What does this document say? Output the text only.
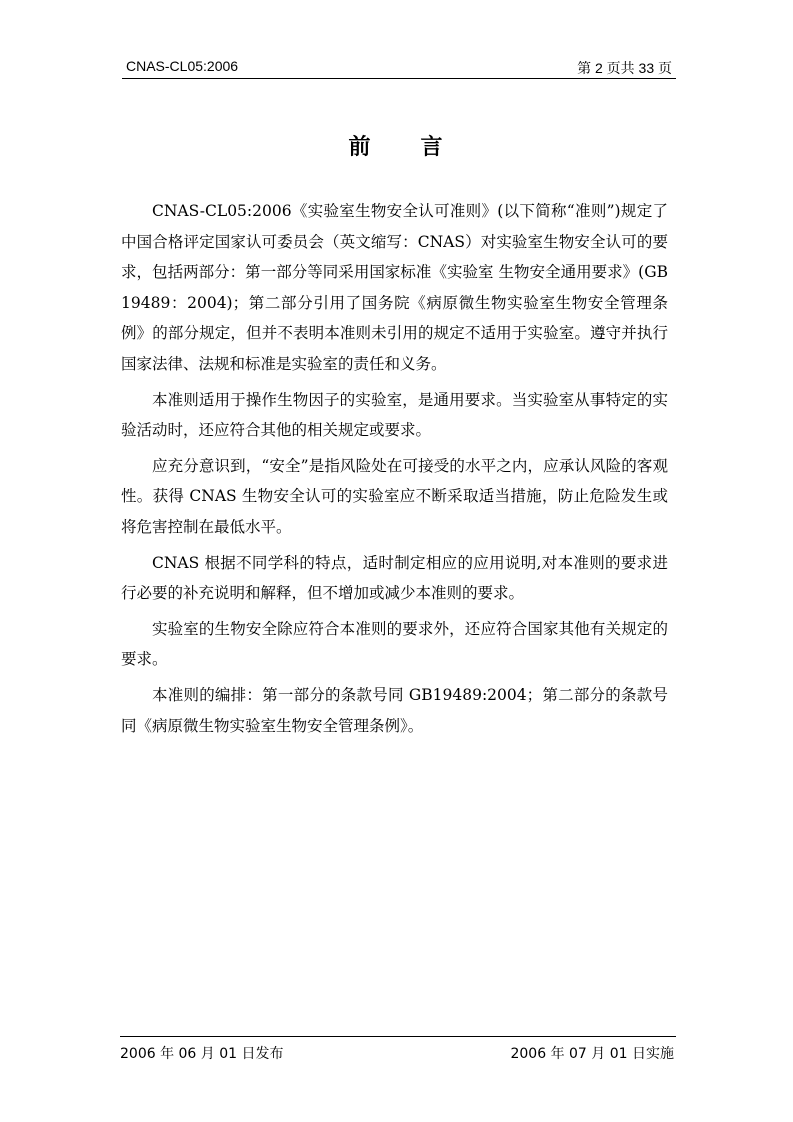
CNAS-CL05:2006	第 2 页共 33 页
前　　言

CNAS-CL05:2006《实验室生物安全认可准则》(以下简称“准则”)规定了中国合格评定国家认可委员会（英文缩写：CNAS）对实验室生物安全认可的要求，包括两部分：第一部分等同采用国家标准《实验室 生物安全通用要求》(GB 19489：2004)；第二部分引用了国务院《病原微生物实验室生物安全管理条例》的部分规定，但并不表明本准则未引用的规定不适用于实验室。遵守并执行国家法律、法规和标准是实验室的责任和义务。

本准则适用于操作生物因子的实验室，是通用要求。当实验室从事特定的实验活动时，还应符合其他的相关规定或要求。

应充分意识到，“安全”是指风险处在可接受的水平之内，应承认风险的客观性。获得 CNAS 生物安全认可的实验室应不断采取适当措施，防止危险发生或将危害控制在最低水平。

CNAS 根据不同学科的特点，适时制定相应的应用说明,对本准则的要求进行必要的补充说明和解释，但不增加或减少本准则的要求。

实验室的生物安全除应符合本准则的要求外，还应符合国家其他有关规定的要求。

本准则的编排：第一部分的条款号同 GB19489:2004；第二部分的条款号同《病原微生物实验室生物安全管理条例》。

2006 年 06 月 01 日发布	2006 年 07 月 01 日实施
